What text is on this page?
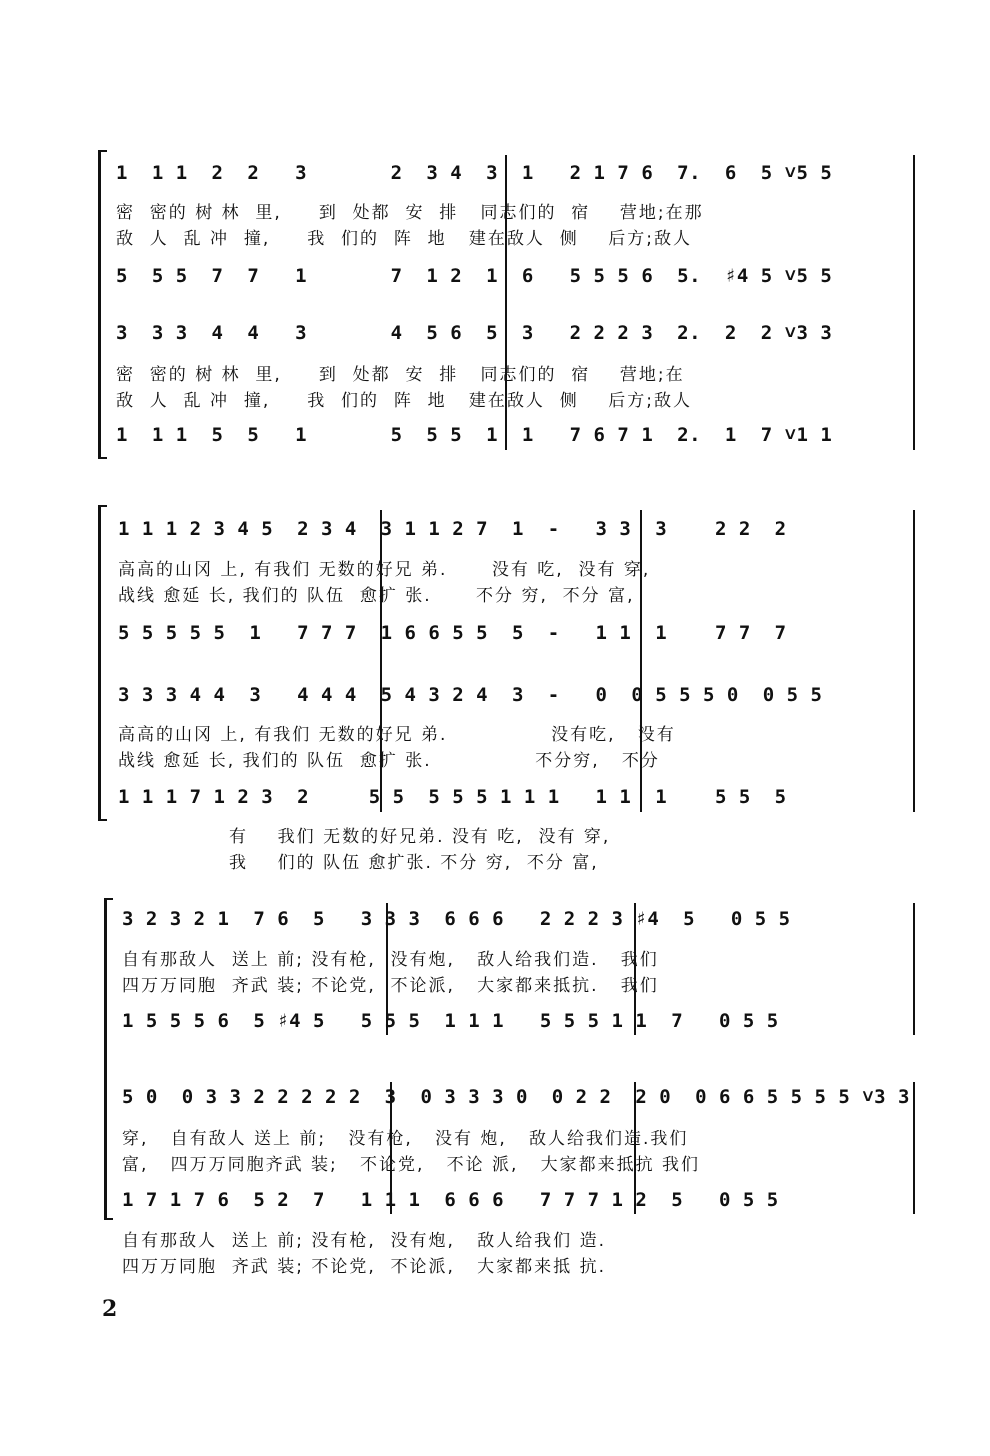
1  1 1  2  2   3       2  3 4  3  1   2 1 7 6  7.  6  5 ˅5 5
密  密的 树 林  里,     到  处都  安  排   同志们的  宿    营地;在那
敌  人  乱 冲  撞,     我  们的  阵  地   建在敌人  侧    后方;敌人
5  5 5  7  7   1       7  1 2  1  6   5 5 5 6  5.  ♯4 5 ˅5 5
3  3 3  4  4   3       4  5 6  5  3   2 2 2 3  2.  2  2 ˅3 3
密  密的 树 林  里,     到  处都  安  排   同志们的  宿    营地;在
敌  人  乱 冲  撞,     我  们的  阵  地   建在敌人  侧    后方;敌人
1  1 1  5  5   1       5  5 5  1  1   7 6 7 1  2.  1  7 ˅1 1
1 1 1 2 3 4 5  2 3 4  3 1 1 2 7  1  -   3 3  3    2 2  2
高高的山冈 上, 有我们 无数的好兄 弟.      没有 吃,  没有 穿,
战线 愈延 长, 我们的 队伍  愈扩 张.      不分 穷,  不分 富,
5 5 5 5 5  1   7 7 7  1 6 6 5 5  5  -   1 1  1    7 7  7
3 3 3 4 4  3   4 4 4  5 4 3 2 4  3  -   0  0 5 5 5 0  0 5 5
高高的山冈 上, 有我们 无数的好兄 弟.              没有吃,   没有
战线 愈延 长, 我们的 队伍  愈扩 张.              不分穷,   不分
1 1 1 7 1 2 3  2     5 5  5 5 5 1 1 1   1 1  1    5 5  5
有    我们 无数的好兄弟. 没有 吃,  没有 穿,
我    们的 队伍 愈扩张. 不分 穷,  不分 富,
3 2 3 2 1  7 6  5   3 3 3  6 6 6   2 2 2 3 ♯4  5   0 5 5
自有那敌人  送上 前; 没有枪,  没有炮,   敌人给我们造.   我们
四万万同胞  齐武 装; 不论党,  不论派,   大家都来抵抗.   我们
1 5 5 5 6  5 ♯4 5   5 5 5  1 1 1   5 5 5 1 1  7   0 5 5
5 0  0 3 3 2 2 2 2 2  3  0 3 3 3 0  0 2 2  2 0  0 6 6 5 5 5 5 ˅3 3
穿,   自有敌人 送上 前;   没有枪,   没有 炮,   敌人给我们造.我们
富,   四万万同胞齐武 装;   不论党,   不论 派,   大家都来抵抗 我们
1 7 1 7 6  5 2  7   1 1 1  6 6 6   7 7 7 1 2  5   0 5 5
自有那敌人  送上 前; 没有枪,  没有炮,   敌人给我们 造.
四万万同胞  齐武 装; 不论党,  不论派,   大家都来抵 抗.
2
